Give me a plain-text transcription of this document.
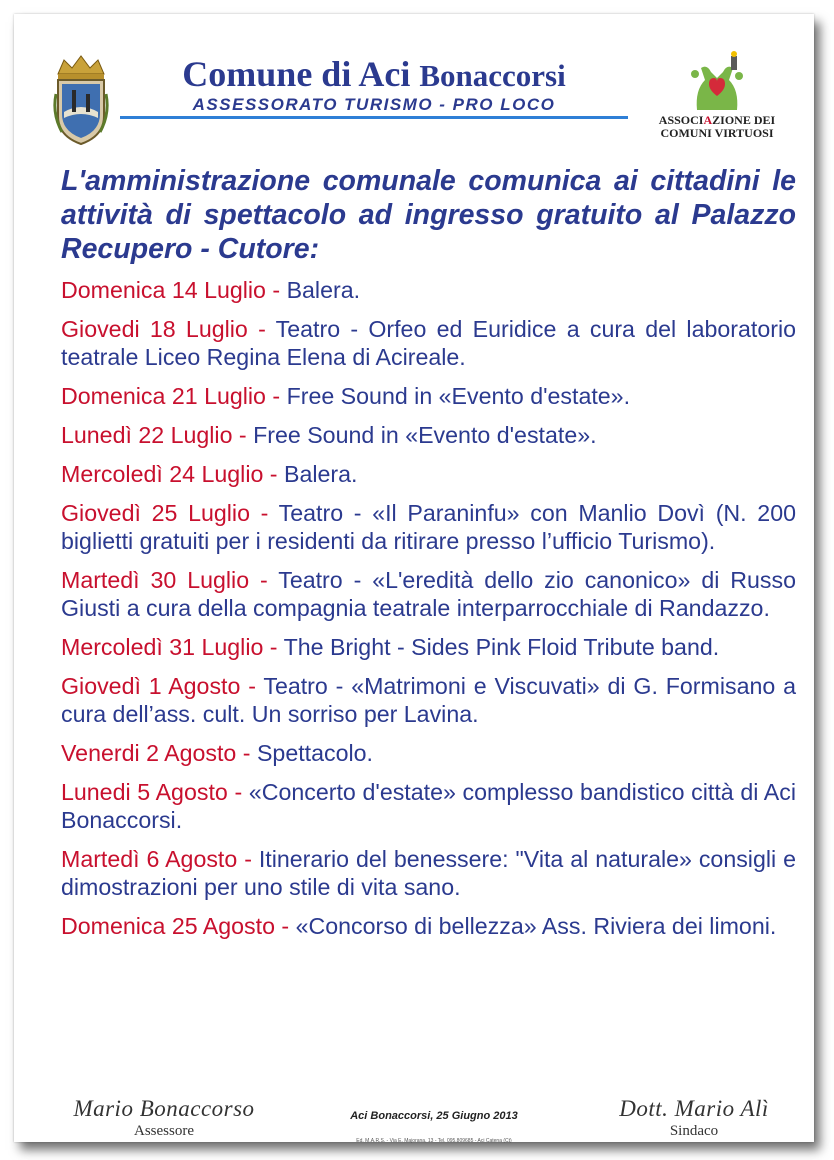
Comune di Aci Bonaccorsi
ASSESSORATO TURISMO - PRO LOCO
ASSOCIAZIONE DEI
COMUNI VIRTUOSI
L'amministrazione comunale comunica ai cittadini le attività di spettacolo ad ingresso gratuito al Palazzo Recupero - Cutore:
Domenica 14 Luglio - Balera.
Giovedi 18 Luglio - Teatro - Orfeo ed Euridice a cura del laboratorio teatrale Liceo Regina Elena di Acireale.
Domenica 21 Luglio - Free Sound in «Evento d'estate».
Lunedì 22 Luglio - Free Sound in «Evento d'estate».
Mercoledì 24 Luglio - Balera.
Giovedì 25 Luglio - Teatro - «Il Paraninfu» con Manlio Dovì (N. 200 biglietti gratuiti per i residenti da ritirare presso l’ufficio Turismo).
Martedì 30 Luglio - Teatro - «L'eredità dello zio canonico» di Russo Giusti a cura della compagnia teatrale interparrocchiale di Randazzo.
Mercoledì 31 Luglio - The Bright - Sides Pink Floid Tribute band.
Giovedì 1 Agosto - Teatro - «Matrimoni e Viscuvati» di G. Formisano a cura dell’ass. cult. Un sorriso per Lavina.
Venerdi 2 Agosto - Spettacolo.
Lunedi 5 Agosto - «Concerto d'estate» complesso bandistico città di Aci Bonaccorsi.
Martedì 6 Agosto - Itinerario del benessere: "Vita al naturale» consigli e dimostrazioni per uno stile di vita sano.
Domenica 25 Agosto - «Concorso di bellezza» Ass. Riviera dei limoni.
Mario Bonaccorso
Assessore
Aci Bonaccorsi, 25 Giugno 2013
Ed. M.A.R.S. - Via E. Majorana, 13 - Tel. 095.809685 - Aci Catena (Ct)
Dott. Mario Alì
Sindaco
